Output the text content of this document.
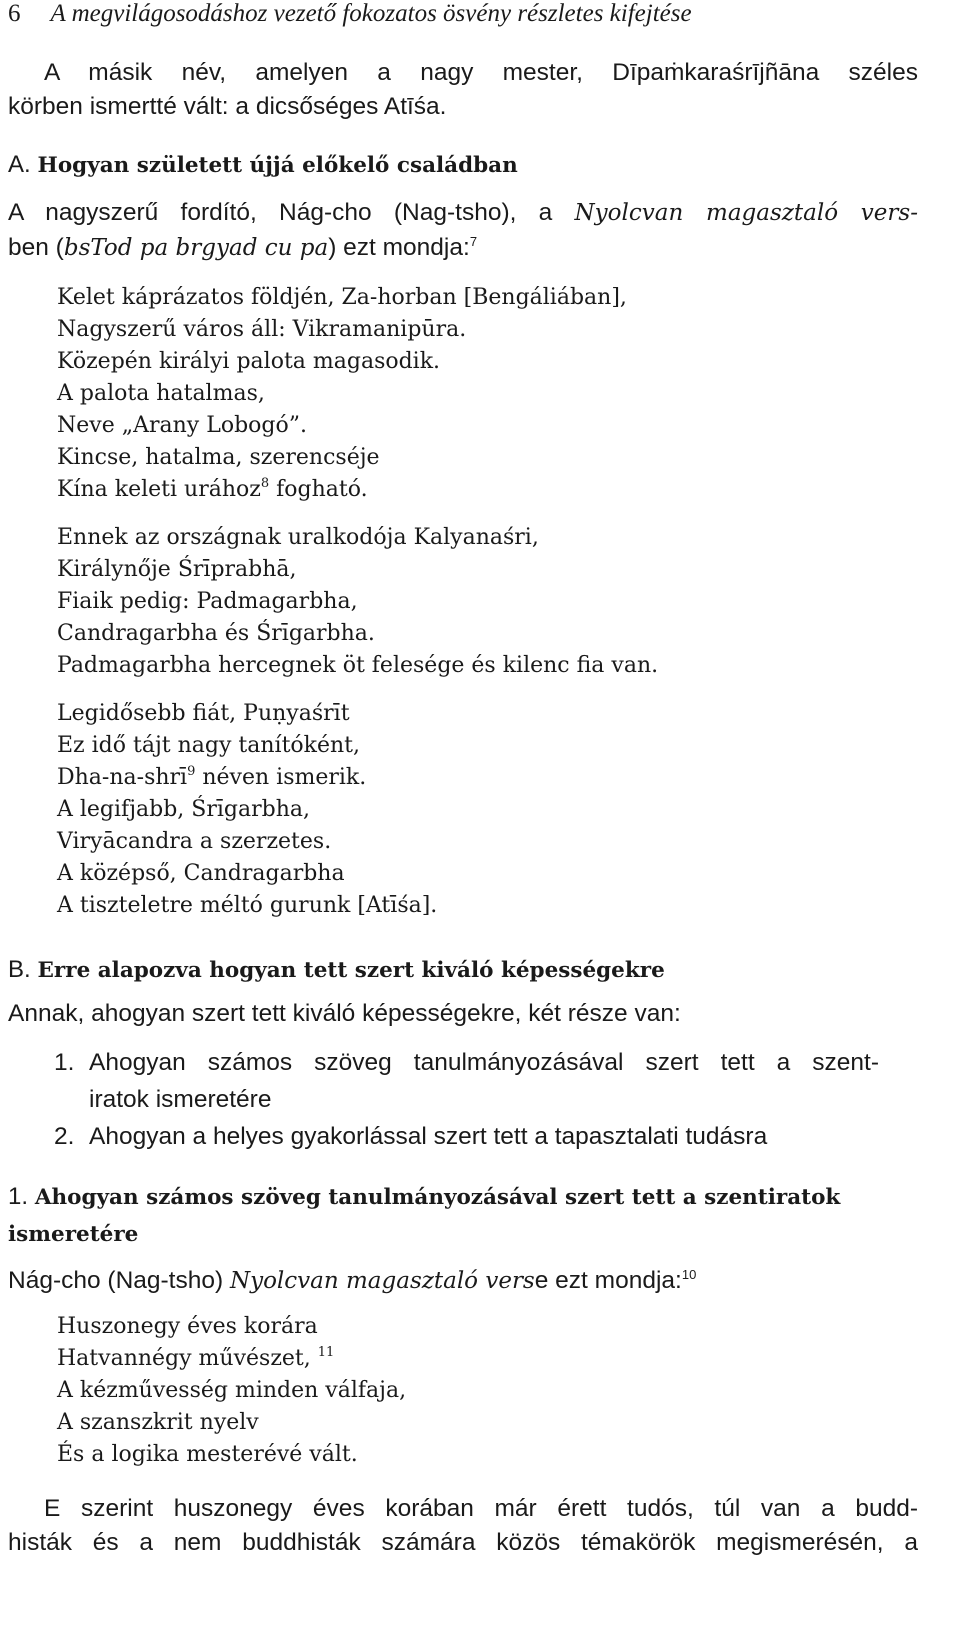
6 A megvilágosodáshoz vezető fokozatos ösvény részletes kifejtése
A másik név, amelyen a nagy mester, Dīpaṁkaraśrījñāna széles
körben ismertté vált: a dicsőséges Atīśa.
A. Hogyan született újjá előkelő családban
A nagyszerű fordító, Nág-cho (Nag-tsho), a Nyolcvan magasztaló vers-
ben (bsTod pa brgyad cu pa) ezt mondja:$^7$
Kelet káprázatos földjén, Za-horban [Bengáliában],
Nagyszerű város áll: Vikramanipūra.
Közepén királyi palota magasodik.
A palota hatalmas,
Neve „Arany Lobogó”.
Kincse, hatalma, szerencséje
Kína keleti urához$^8$ fogható.
Ennek az országnak uralkodója Kalyanaśri,
Királynője Śrīprabhā,
Fiaik pedig: Padmagarbha,
Candragarbha és Śrīgarbha.
Padmagarbha hercegnek öt felesége és kilenc fia van.
Legidősebb fiát, Puṇyaśrīt
Ez idő tájt nagy tanítóként,
Dha-na-shrī$^9$ néven ismerik.
A legifjabb, Śrīgarbha,
Viryācandra a szerzetes.
A középső, Candragarbha
A tiszteletre méltó gurunk [Atīśa].
B. Erre alapozva hogyan tett szert kiváló képességekre
Annak, ahogyan szert tett kiváló képességekre, két része van:
1. Ahogyan számos szöveg tanulmányozásával szert tett a szent-
iratok ismeretére
2. Ahogyan a helyes gyakorlással szert tett a tapasztalati tudásra
1. Ahogyan számos szöveg tanulmányozásával szert tett a szentiratok
ismeretére
Nág-cho (Nag-tsho) Nyolcvan magasztaló verse ezt mondja:$^{10}$
Huszonegy éves korára
Hatvannégy művészet, $^{11}$
A kézművesség minden válfaja,
A szanszkrit nyelv
És a logika mesterévé vált.
E szerint huszonegy éves korában már érett tudós, túl van a budd-
histák és a nem buddhisták számára közös témakörök megismerésén, a
